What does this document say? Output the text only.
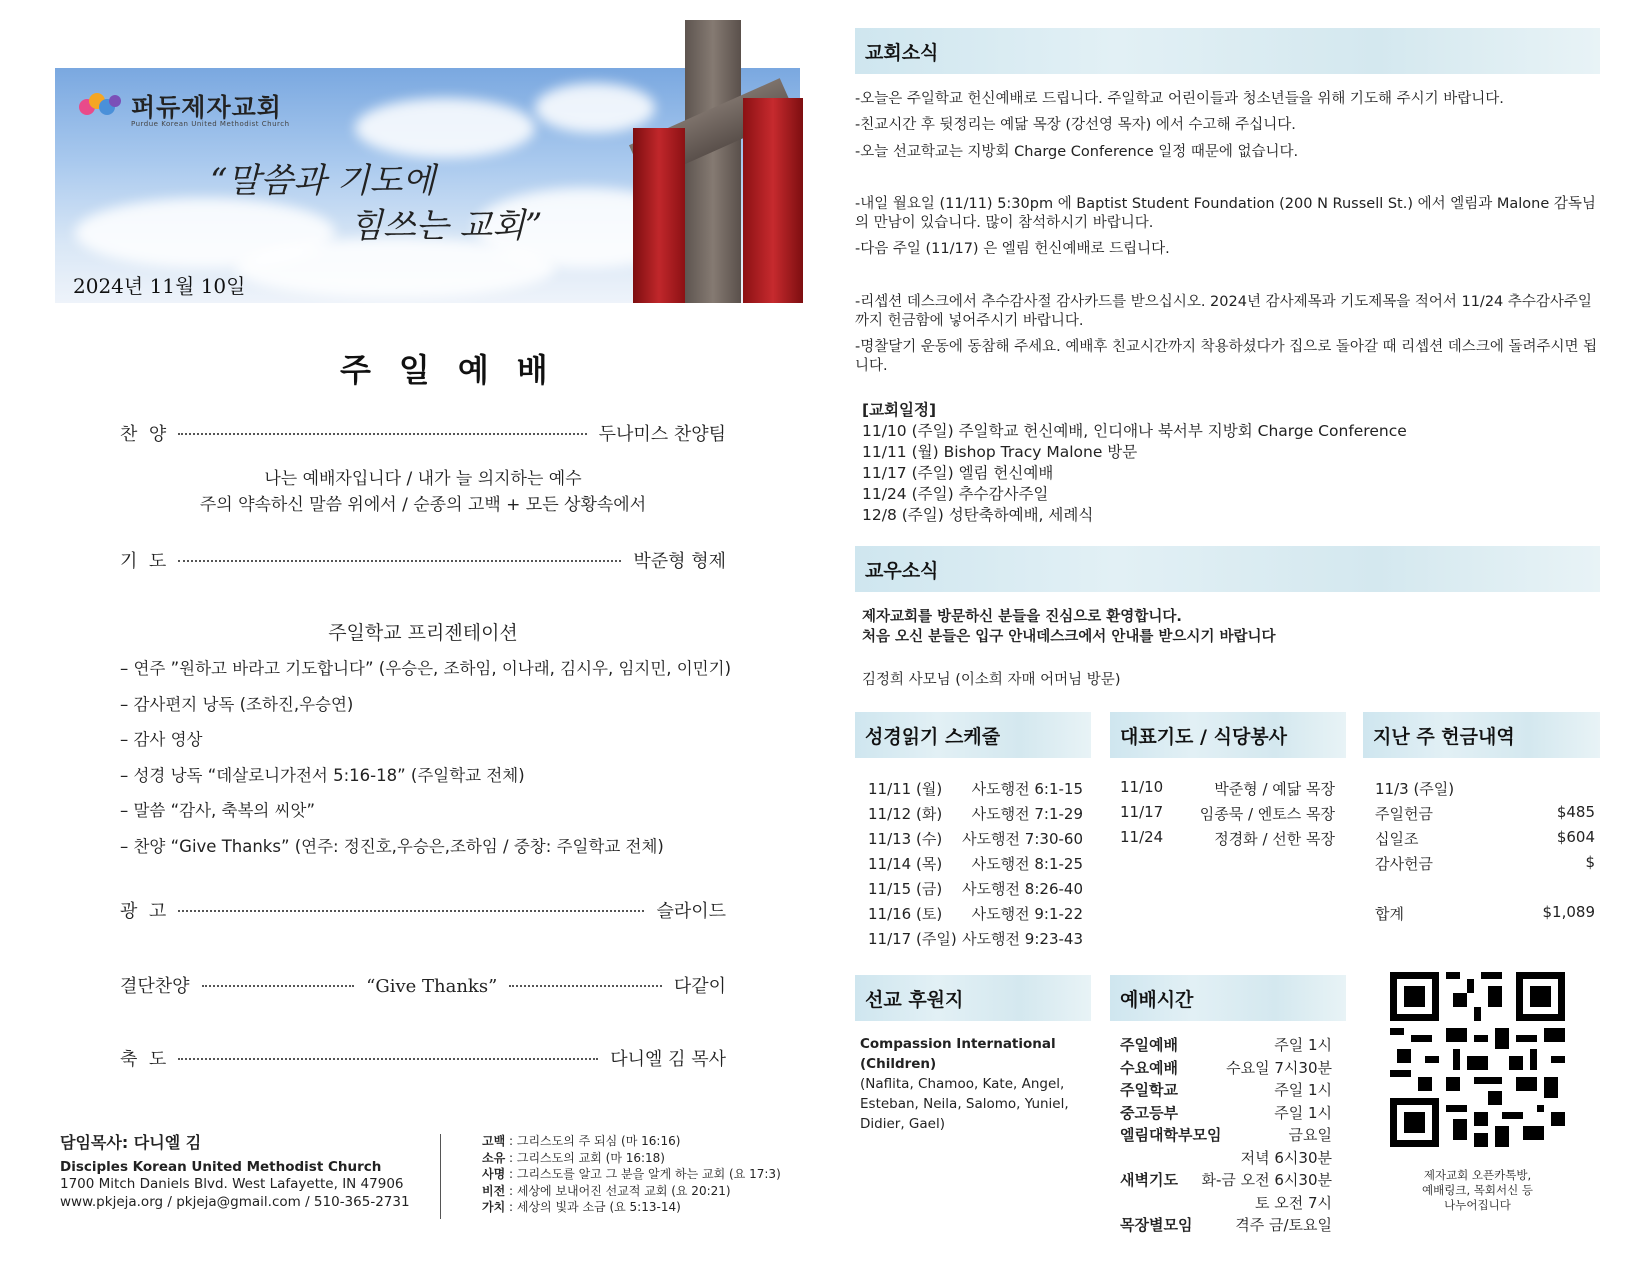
퍼듀제자교회
Purdue Korean United Methodist Church
“말씀과 기도에
힘쓰는 교회”
2024년 11월 10일
주일예배
찬  양	두나미스 찬양팀
나는 예배자입니다 / 내가 늘 의지하는 예수
주의 약속하신 말씀 위에서 / 순종의 고백 + 모든 상황속에서
기  도	박준형 형제
주일학교 프리젠테이션
– 연주 ”원하고 바라고 기도합니다” (우승은, 조하임, 이나래, 김시우, 임지민, 이민기)
– 감사편지 낭독 (조하진,우승연)
– 감사 영상
– 성경 낭독 “데살로니가전서 5:16-18” (주일학교 전체)
– 말씀 “감사, 축복의 씨앗”
– 찬양 “Give Thanks” (연주: 정진호,우승은,조하임 / 중창: 주일학교 전체)
광  고	슬라이드
결단찬양	“Give Thanks”	다같이
축  도	다니엘 김 목사
담임목사: 다니엘 김
Disciples Korean United Methodist Church
1700 Mitch Daniels Blvd. West Lafayette, IN 47906
www.pkjeja.org / pkjeja@gmail.com / 510-365-2731
고백 : 그리스도의 주 되심 (마 16:16)
소유 : 그리스도의 교회 (마 16:18)
사명 : 그리스도를 알고 그 분을 알게 하는 교회 (요 17:3)
비전 : 세상에 보내어진 선교적 교회 (요 20:21)
가치 : 세상의 빛과 소금 (요 5:13-14)
교회소식
-오늘은 주일학교 헌신예배로 드립니다. 주일학교 어린이들과 청소년들을 위해 기도해 주시기 바랍니다.
-친교시간 후 뒷정리는 예닮 목장 (강선영 목자) 에서 수고해 주십니다.
-오늘 선교학교는 지방회 Charge Conference 일정 때문에 없습니다.
-내일 월요일 (11/11) 5:30pm 에 Baptist Student Foundation (200 N Russell St.) 에서 엘림과 Malone 감독님의 만남이 있습니다. 많이 참석하시기 바랍니다.
-다음 주일 (11/17) 은 엘림 헌신예배로 드립니다.
-리셉션 데스크에서 추수감사절 감사카드를 받으십시오. 2024년 감사제목과 기도제목을 적어서 11/24 추수감사주일까지 헌금함에 넣어주시기 바랍니다.
-명찰달기 운동에 동참해 주세요. 예배후 친교시간까지 착용하셨다가 집으로 돌아갈 때 리셉션 데스크에 돌려주시면 됩니다.
[교회일정]
11/10 (주일) 주일학교 헌신예배, 인디애나 북서부 지방회 Charge Conference
11/11 (월) Bishop Tracy Malone 방문
11/17 (주일) 엘림 헌신예배
11/24 (주일) 추수감사주일
12/8 (주일) 성탄축하예배, 세례식
교우소식
제자교회를 방문하신 분들을 진심으로 환영합니다.
처음 오신 분들은 입구 안내데스크에서 안내를 받으시기 바랍니다
김정희 사모님 (이소희 자매 어머님 방문)
성경읽기 스케줄	대표기도 / 식당봉사	지난 주 헌금내역
11/11 (월) 사도행전 6:1-15
11/12 (화) 사도행전 7:1-29
11/13 (수) 사도행전 7:30-60
11/14 (목) 사도행전 8:1-25
11/15 (금) 사도행전 8:26-40
11/16 (토) 사도행전 9:1-22
11/17 (주일) 사도행전 9:23-43
11/10	박준형 / 예닮 목장
11/17 임종묵 / 엔토스 목장
11/24	정경화 / 선한 목장
11/3 (주일)
주일헌금	$485
십일조	$604
감사헌금	$
합계	$1,089
선교 후원지	예배시간
Compassion International (Children)
(Naflita, Chamoo, Kate, Angel, Esteban, Neila, Salomo, Yuniel, Didier, Gael)
주일예배	주일 1시
수요예배	수요일 7시30분
주일학교	주일 1시
중고등부	주일 1시
엘림대학부모임	금요일
저녁 6시30분
새벽기도 화-금 오전 6시30분
토 오전 7시
목장별모임	격주 금/토요일
제자교회 오픈카톡방,
예배링크, 목회서신 등
나누어집니다
